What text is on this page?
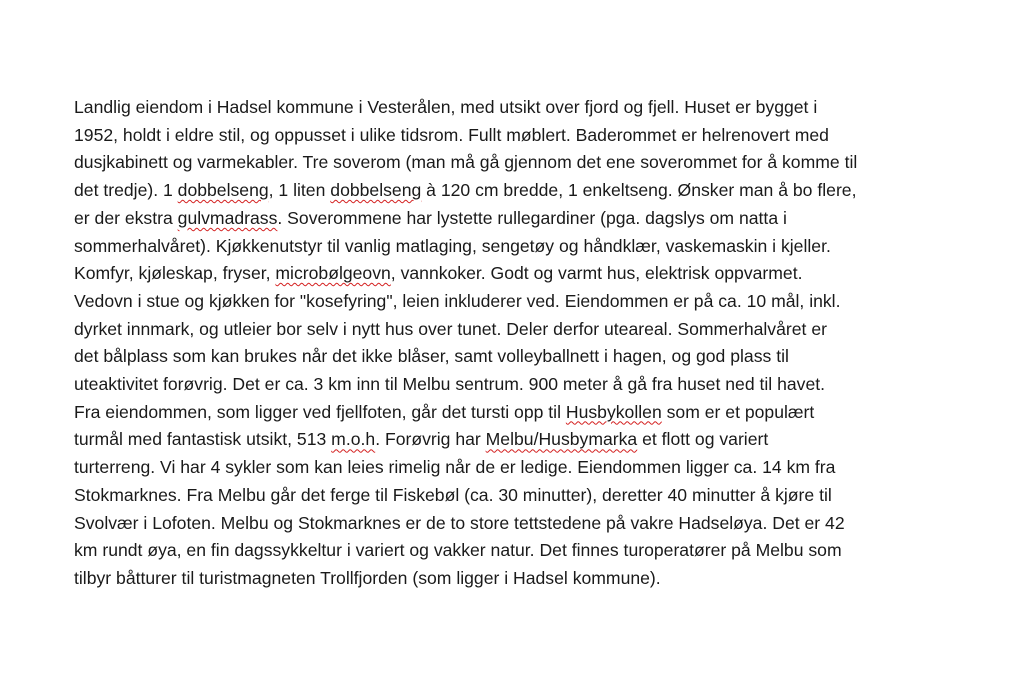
Landlig eiendom i Hadsel kommune i Vesterålen, med utsikt over fjord og fjell. Huset er bygget i
1952, holdt i eldre stil, og oppusset i ulike tidsrom. Fullt møblert. Baderommet er helrenovert med
dusjkabinett og varmekabler. Tre soverom (man må gå gjennom det ene soverommet for å komme til
det tredje). 1 dobbelseng, 1 liten dobbelseng à 120 cm bredde, 1 enkeltseng. Ønsker man å bo flere,
er der ekstra gulvmadrass. Soverommene har lystette rullegardiner (pga. dagslys om natta i
sommerhalvåret). Kjøkkenutstyr til vanlig matlaging, sengetøy og håndklær, vaskemaskin i kjeller.
Komfyr, kjøleskap, fryser, microbølgeovn, vannkoker. Godt og varmt hus, elektrisk oppvarmet.
Vedovn i stue og kjøkken for "kosefyring", leien inkluderer ved. Eiendommen er på ca. 10 mål, inkl.
dyrket innmark, og utleier bor selv i nytt hus over tunet. Deler derfor uteareal. Sommerhalvåret er
det bålplass som kan brukes når det ikke blåser, samt volleyballnett i hagen, og god plass til
uteaktivitet forøvrig. Det er ca. 3 km inn til Melbu sentrum. 900 meter å gå fra huset ned til havet.
Fra eiendommen, som ligger ved fjellfoten, går det tursti opp til Husbykollen som er et populært
turmål med fantastisk utsikt, 513 m.o.h. Forøvrig har Melbu/Husbymarka et flott og variert
turterreng. Vi har 4 sykler som kan leies rimelig når de er ledige. Eiendommen ligger ca. 14 km fra
Stokmarknes. Fra Melbu går det ferge til Fiskebøl (ca. 30 minutter), deretter 40 minutter å kjøre til
Svolvær i Lofoten. Melbu og Stokmarknes er de to store tettstedene på vakre Hadseløya. Det er 42
km rundt øya, en fin dagssykkeltur i variert og vakker natur. Det finnes turoperatører på Melbu som
tilbyr båtturer til turistmagneten Trollfjorden (som ligger i Hadsel kommune).
